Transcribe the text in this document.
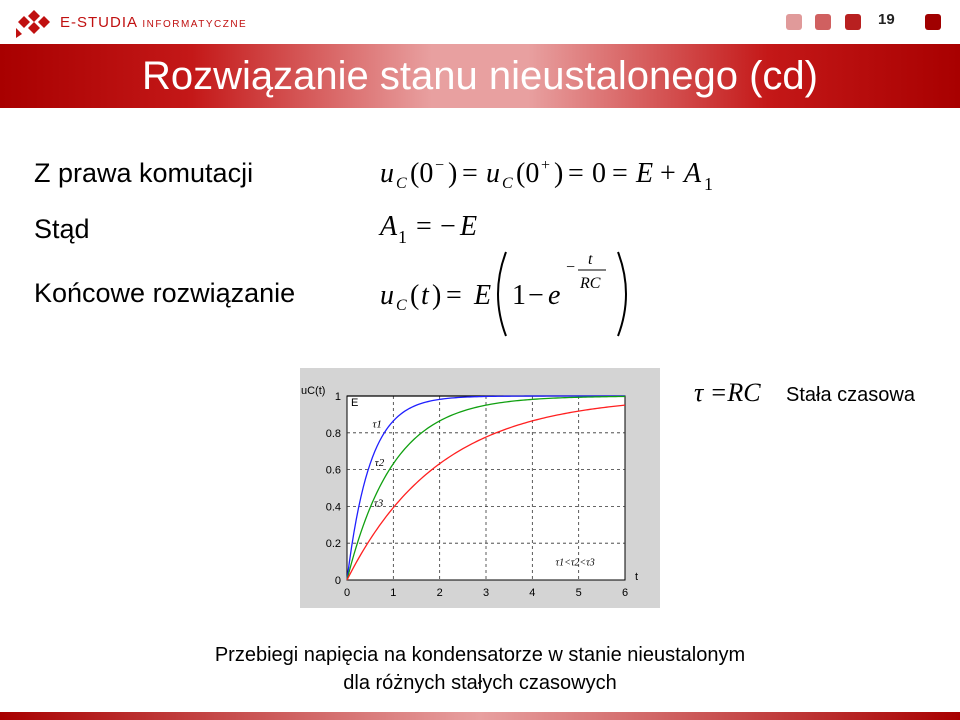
E-STUDIA INFORMATYCZNE	19
Rozwiązanie stanu nieustalonego (cd)
Z prawa komutacji
Stąd
Końcowe rozwiązanie
u C (0 − ) = u C (0 + ) = 0 = E + A 1
A 1 = − E
u C ( t ) = E 1 − e
− t
RC
0	1	2	3	4	5	6
0
0.2
0.4
0.6
0.8
1 E
τ1
τ2
τ3
τ1<τ2<τ3
uC(t)
t
τ =RC Stała czasowa
Przebiegi napięcia na kondensatorze w stanie nieustalonym
dla różnych stałych czasowych
